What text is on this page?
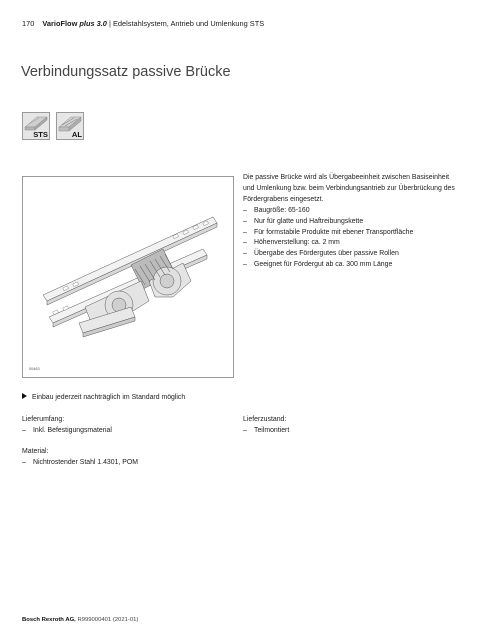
170 VarioFlow plus 3.0 | Edelstahlsystem, Antrieb und Umlenkung STS
Verbindungssatz passive Brücke
STS	AL
00463
Die passive Brücke wird als Übergabeeinheit zwischen Basiseinheit und Umlenkung bzw. beim Verbindungsantrieb zur Überbrückung des Fördergrabens eingesetzt.
– Baugröße: 65-160
– Nur für glatte und Haftreibungskette
– Für formstabile Produkte mit ebener Transportfläche
– Höhenverstellung: ca. 2 mm
– Übergabe des Fördergutes über passive Rollen
– Geeignet für Fördergut ab ca. 300 mm Länge
Einbau jederzeit nachträglich im Standard möglich
Lieferumfang:
– Inkl. Befestigungsmaterial
Lieferzustand:
– Teilmontiert
Material:
– Nichtrostender Stahl 1.4301, POM
Bosch Rexroth AG, R999000401 (2021-01)
